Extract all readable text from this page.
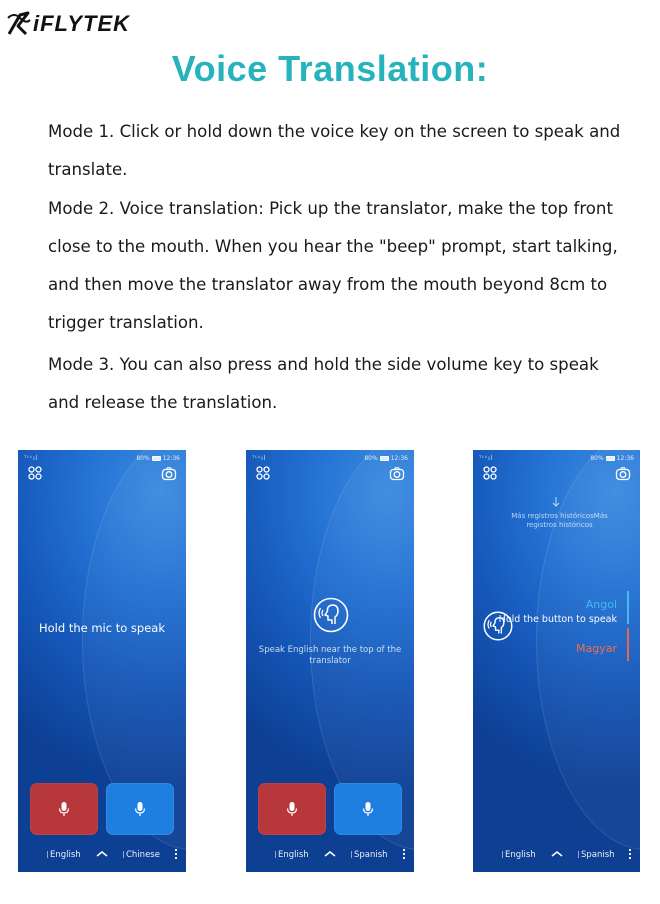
iFLYTEK
Voice Translation:
Mode 1. Click or hold down the voice key on the screen to speak and translate.
Mode 2. Voice translation: Pick up the translator, make the top front close to the mouth. When you hear the "beep" prompt, start talking, and then move the translator away from the mouth beyond 8cm to trigger translation.
Mode 3. You can also press and hold the side volume key to speak and release the translation.
ᵀᴸᵗıl	80% 12:36
Hold the mic to speak
English	Chinese
ᵀᴸᵗıl	80% 12:36
Speak English near the top of the translator
English	Spanish
ᵀᴸᵗıl	80% 12:36
Más registros históricosMás registros históricos
Angol
Hold the button to speak
Magyar
English	Spanish
